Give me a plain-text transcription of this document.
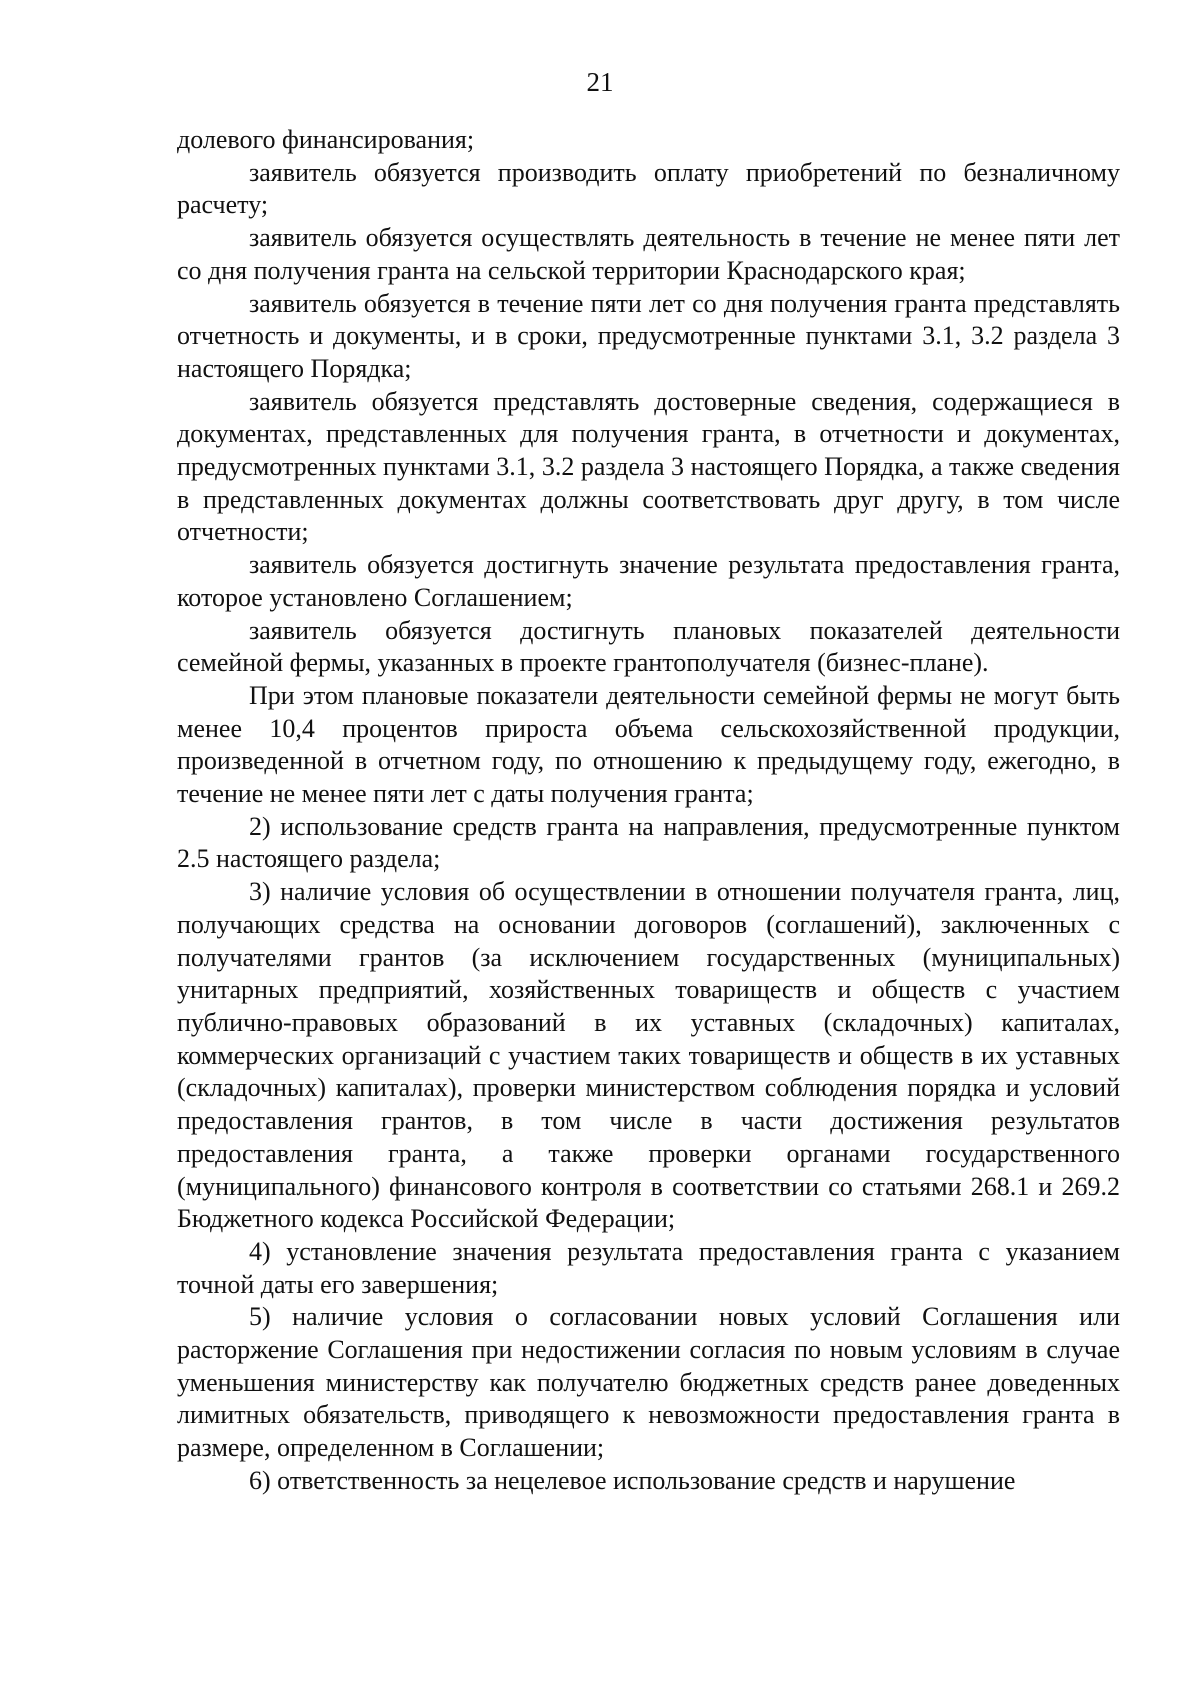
21

долевого финансирования;

заявитель обязуется производить оплату приобретений по безналичному расчету;

заявитель обязуется осуществлять деятельность в течение не менее пяти лет со дня получения гранта на сельской территории Краснодарского края;

заявитель обязуется в течение пяти лет со дня получения гранта представлять отчетность и документы, и в сроки, предусмотренные пунктами 3.1, 3.2 раздела 3 настоящего Порядка;

заявитель обязуется представлять достоверные сведения, содержащиеся в документах, представленных для получения гранта, в отчетности и документах, предусмотренных пунктами 3.1, 3.2 раздела 3 настоящего Порядка, а также сведения в представленных документах должны соответствовать друг другу, в том числе отчетности;

заявитель обязуется достигнуть значение результата предоставления гранта, которое установлено Соглашением;

заявитель обязуется достигнуть плановых показателей деятельности семейной фермы, указанных в проекте грантополучателя (бизнес-плане).

При этом плановые показатели деятельности семейной фермы не могут быть менее 10,4 процентов прироста объема сельскохозяйственной продукции, произведенной в отчетном году, по отношению к предыдущему году, ежегодно, в течение не менее пяти лет с даты получения гранта;

2) использование средств гранта на направления, предусмотренные пунктом 2.5 настоящего раздела;

3) наличие условия об осуществлении в отношении получателя гранта, лиц, получающих средства на основании договоров (соглашений), заключенных с получателями грантов (за исключением государственных (муниципальных) унитарных предприятий, хозяйственных товариществ и обществ с участием публично-правовых образований в их уставных (складочных) капиталах, коммерческих организаций с участием таких товариществ и обществ в их уставных (складочных) капиталах), проверки министерством соблюдения порядка и условий предоставления грантов, в том числе в части достижения результатов предоставления гранта, а также проверки органами государственного (муниципального) финансового контроля в соответствии со статьями 268.1 и 269.2 Бюджетного кодекса Российской Федерации;

4) установление значения результата предоставления гранта с указанием точной даты его завершения;

5) наличие условия о согласовании новых условий Соглашения или расторжение Соглашения при недостижении согласия по новым условиям в случае уменьшения министерству как получателю бюджетных средств ранее доведенных лимитных обязательств, приводящего к невозможности предоставления гранта в размере, определенном в Соглашении;

6) ответственность за нецелевое использование средств и нарушение
